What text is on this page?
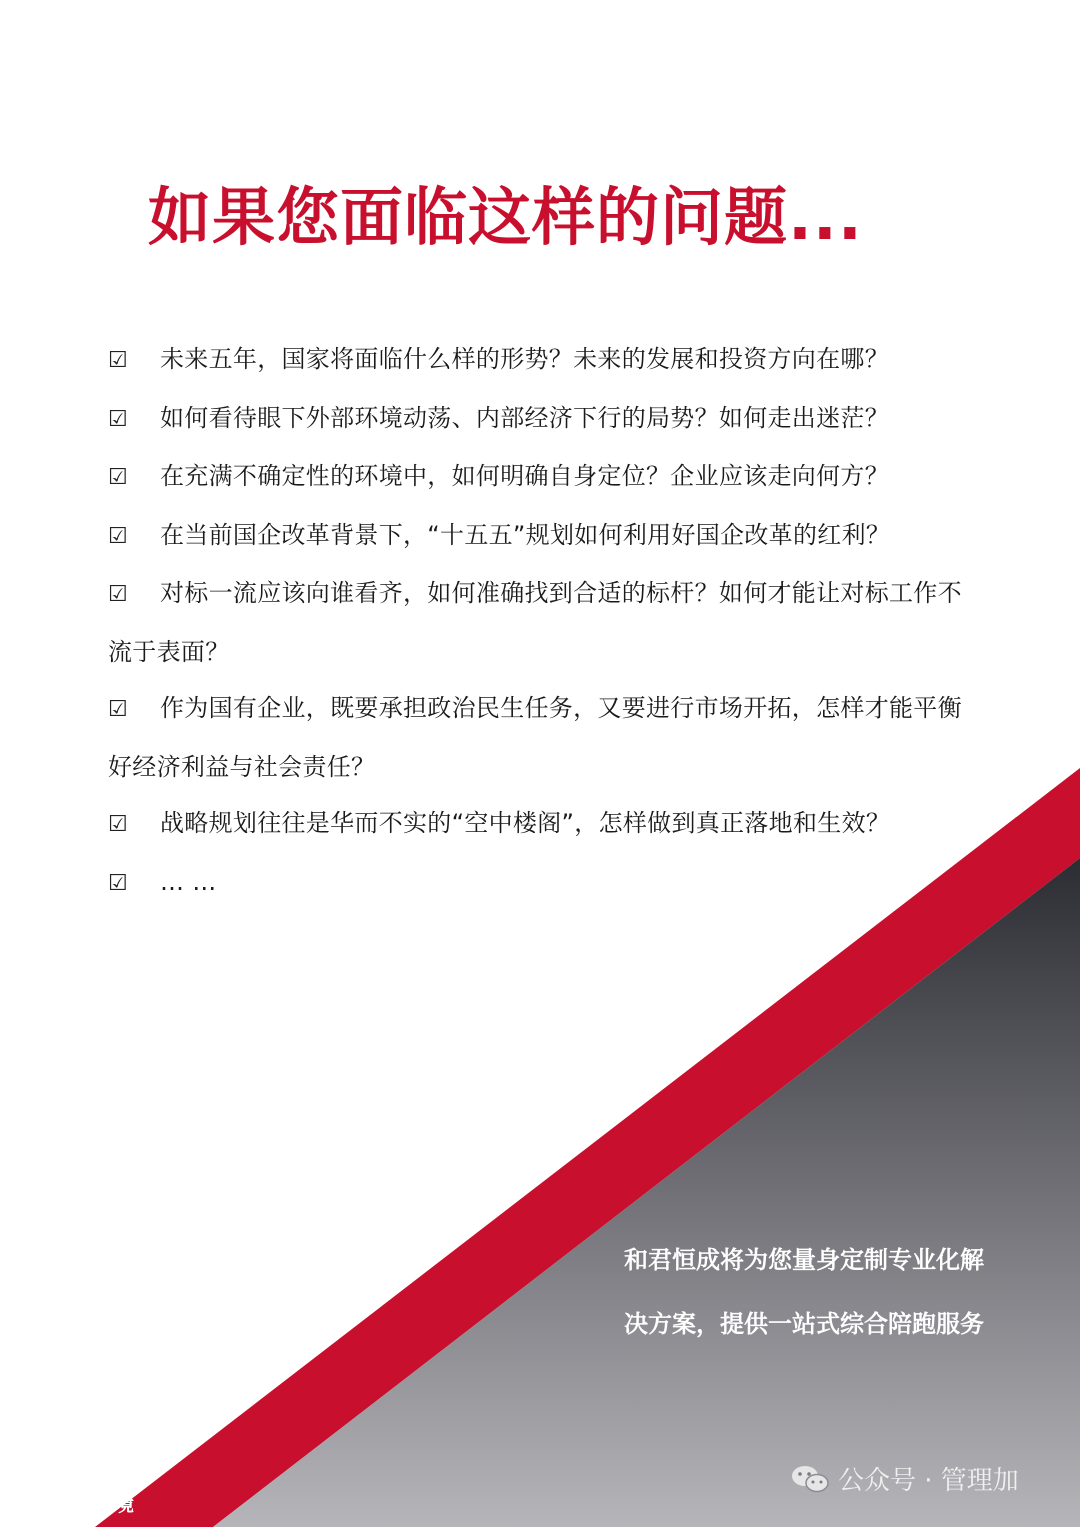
如果您面临这样的问题...
☑ 未来五年，国家将面临什么样的形势？未来的发展和投资方向在哪？
☑ 如何看待眼下外部环境动荡、内部经济下行的局势？如何走出迷茫？
☑ 在充满不确定性的环境中，如何明确自身定位？企业应该走向何方？
☑ 在当前国企改革背景下，“十五五”规划如何利用好国企改革的红利？
☑ 对标一流应该向谁看齐，如何准确找到合适的标杆？如何才能让对标工作不流于表面？
☑ 作为国有企业，既要承担政治民生任务，又要进行市场开拓，怎样才能平衡好经济利益与社会责任？
☑ 战略规划往往是华而不实的“空中楼阁”，怎样做到真正落地和生效？
☑ … …

和君恒成将为您量身定制专业化解
决方案，提供一站式综合陪跑服务

公众号 · 管理加
大数跨境
